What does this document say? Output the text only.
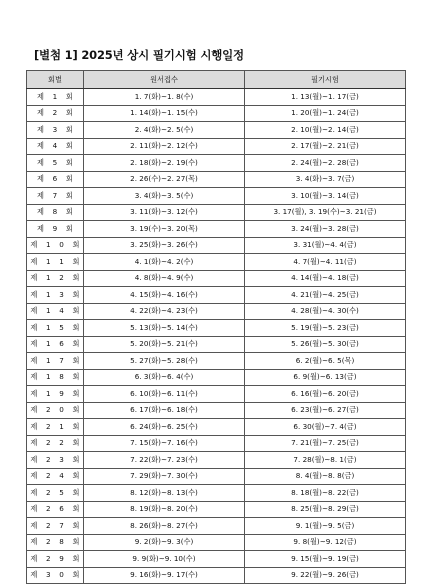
[별첨 1] 2025년 상시 필기시험 시행일정
회별	원서접수	필기시험
제 1 회	1. 7(화)~1. 8(수)	1. 13(월)~1. 17(금)
제 2 회	1. 14(화)~1. 15(수)	1. 20(월)~1. 24(금)
제 3 회	2. 4(화)~2. 5(수)	2. 10(월)~2. 14(금)
제 4 회	2. 11(화)~2. 12(수)	2. 17(월)~2. 21(금)
제 5 회	2. 18(화)~2. 19(수)	2. 24(월)~2. 28(금)
제 6 회	2. 26(수)~2. 27(목)	3. 4(화)~3. 7(금)
제 7 회	3. 4(화)~3. 5(수)	3. 10(월)~3. 14(금)
제 8 회	3. 11(화)~3. 12(수)	3. 17(월), 3. 19(수)~3. 21(금)
제 9 회	3. 19(수)~3. 20(목)	3. 24(월)~3. 28(금)
제 1 0 회	3. 25(화)~3. 26(수)	3. 31(월)~4. 4(금)
제 1 1 회	4. 1(화)~4. 2(수)	4. 7(월)~4. 11(금)
제 1 2 회	4. 8(화)~4. 9(수)	4. 14(월)~4. 18(금)
제 1 3 회	4. 15(화)~4. 16(수)	4. 21(월)~4. 25(금)
제 1 4 회	4. 22(화)~4. 23(수)	4. 28(월)~4. 30(수)
제 1 5 회	5. 13(화)~5. 14(수)	5. 19(월)~5. 23(금)
제 1 6 회	5. 20(화)~5. 21(수)	5. 26(월)~5. 30(금)
제 1 7 회	5. 27(화)~5. 28(수)	6. 2(월)~6. 5(목)
제 1 8 회	6. 3(화)~6. 4(수)	6. 9(월)~6. 13(금)
제 1 9 회	6. 10(화)~6. 11(수)	6. 16(월)~6. 20(금)
제 2 0 회	6. 17(화)~6. 18(수)	6. 23(월)~6. 27(금)
제 2 1 회	6. 24(화)~6. 25(수)	6. 30(월)~7. 4(금)
제 2 2 회	7. 15(화)~7. 16(수)	7. 21(월)~7. 25(금)
제 2 3 회	7. 22(화)~7. 23(수)	7. 28(월)~8. 1(금)
제 2 4 회	7. 29(화)~7. 30(수)	8. 4(월)~8. 8(금)
제 2 5 회	8. 12(화)~8. 13(수)	8. 18(월)~8. 22(금)
제 2 6 회	8. 19(화)~8. 20(수)	8. 25(월)~8. 29(금)
제 2 7 회	8. 26(화)~8. 27(수)	9. 1(월)~9. 5(금)
제 2 8 회	9. 2(화)~9. 3(수)	9. 8(월)~9. 12(금)
제 2 9 회	9. 9(화)~9. 10(수)	9. 15(월)~9. 19(금)
제 3 0 회	9. 16(화)~9. 17(수)	9. 22(월)~9. 26(금)
